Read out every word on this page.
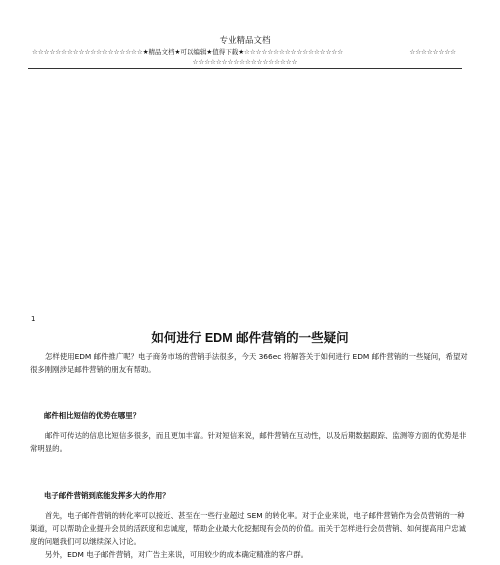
专业精品文档
☆☆☆☆☆☆☆☆☆☆☆☆☆☆☆☆☆☆☆★精品文档★可以编辑★值得下载★☆☆☆☆☆☆☆☆☆☆☆☆☆☆☆☆☆	☆☆☆☆☆☆☆☆
☆☆☆☆☆☆☆☆☆☆☆☆☆☆☆☆☆☆
1
如何进行 EDM 邮件营销的一些疑问

怎样使用EDM 邮件推广呢？电子商务市场的营销手法很多，今天 366ec 将解答关于如何进行 EDM 邮件营销的一些疑问，希望对很多刚刚涉足邮件营销的朋友有帮助。

邮件相比短信的优势在哪里？

邮件可传达的信息比短信多很多，而且更加丰富。针对短信来说，邮件营销在互动性，以及后期数据跟踪、监测等方面的优势是非常明显的。

电子邮件营销到底能发挥多大的作用？

首先，电子邮件营销的转化率可以接近、甚至在一些行业超过 SEM 的转化率。对于企业来说，电子邮件营销作为会员营销的一种渠道，可以帮助企业提升会员的活跃度和忠诚度，帮助企业最大化挖掘现有会员的价值。而关于怎样进行会员营销、如何提高用户忠诚度的问题我们可以继续深入讨论。

另外，EDM 电子邮件营销，对广告主来说，可用较少的成本确定精准的客户群。
